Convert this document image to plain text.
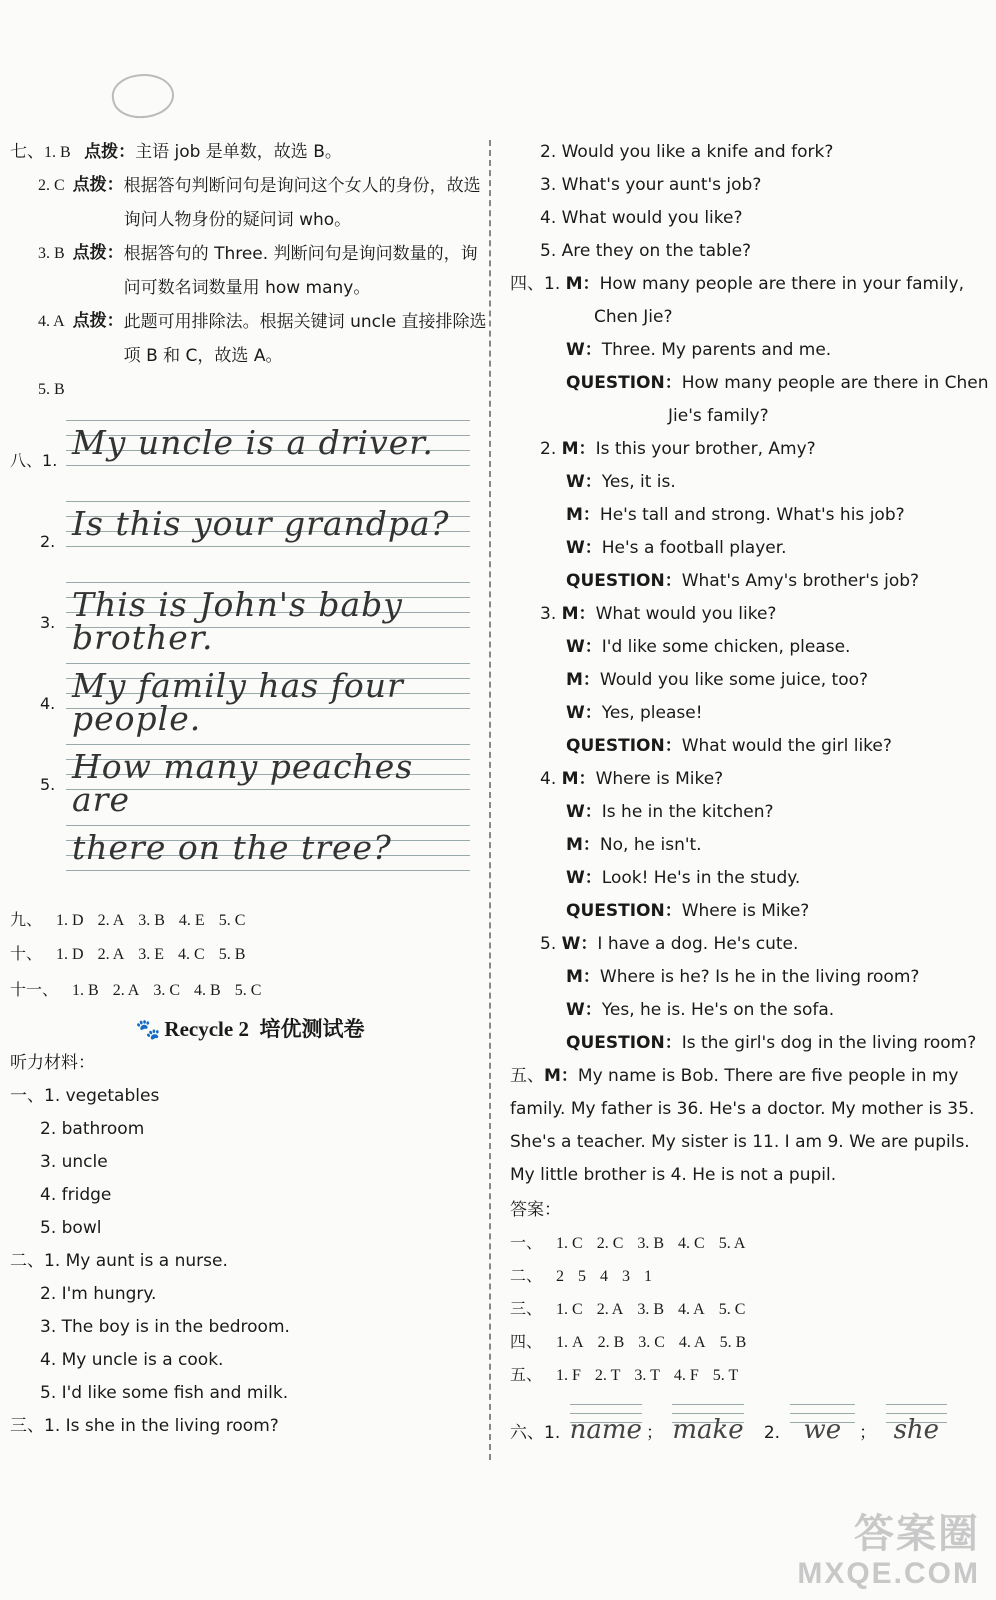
七、1. B 点拨：主语 job 是单数，故选 B。
2. C 点拨：根据答句判断问句是询问这个女人的身份，故选询问人物身份的疑问词 who。
3. B 点拨：根据答句的 Three. 判断问句是询问数量的，询问可数名词数量用 how many。
4. A 点拨：此题可用排除法。根据关键词 uncle 直接排除选项 B 和 C，故选 A。
5. B
八、1. My uncle is a driver.
2. Is this your grandpa?
3. This is John's baby brother.
4. My family has four people.
5. How many peaches are
there on the tree?
九、 1. D 2. A 3. B 4. E 5. C
十、 1. D 2. A 3. E 4. C 5. B
十一、 1. B 2. A 3. C 4. B 5. C
🐾 Recycle 2 培优测试卷
听力材料：
一、1. vegetables
2. bathroom
3. uncle
4. fridge
5. bowl
二、1. My aunt is a nurse.
2. I'm hungry.
3. The boy is in the bedroom.
4. My uncle is a cook.
5. I'd like some fish and milk.
三、1. Is she in the living room?
2. Would you like a knife and fork?
3. What's your aunt's job?
4. What would you like?
5. Are they on the table?
四、1. M：How many people are there in your family,
Chen Jie?
W：Three. My parents and me.
QUESTION：How many people are there in Chen
Jie's family?
2. M：Is this your brother, Amy?
W：Yes, it is.
M：He's tall and strong. What's his job?
W：He's a football player.
QUESTION：What's Amy's brother's job?
3. M：What would you like?
W：I'd like some chicken, please.
M：Would you like some juice, too?
W：Yes, please!
QUESTION：What would the girl like?
4. M：Where is Mike?
W：Is he in the kitchen?
M：No, he isn't.
W：Look! He's in the study.
QUESTION：Where is Mike?
5. W：I have a dog. He's cute.
M：Where is he? Is he in the living room?
W：Yes, he is. He's on the sofa.
QUESTION：Is the girl's dog in the living room?
五、M：My name is Bob. There are five people in my family. My father is 36. He's a doctor. My mother is 35. She's a teacher. My sister is 11. I am 9. We are pupils. My little brother is 4. He is not a pupil.
答案：
一、 1. C 2. C 3. B 4. C 5. A
二、 2 5 4 3 1
三、 1. C 2. A 3. B 4. A 5. C
四、 1. A 2. B 3. C 4. A 5. B
五、 1. F 2. T 3. T 4. F 5. T
六、1. name ； make 2. we ； she
答案圈
MXQE.COM
